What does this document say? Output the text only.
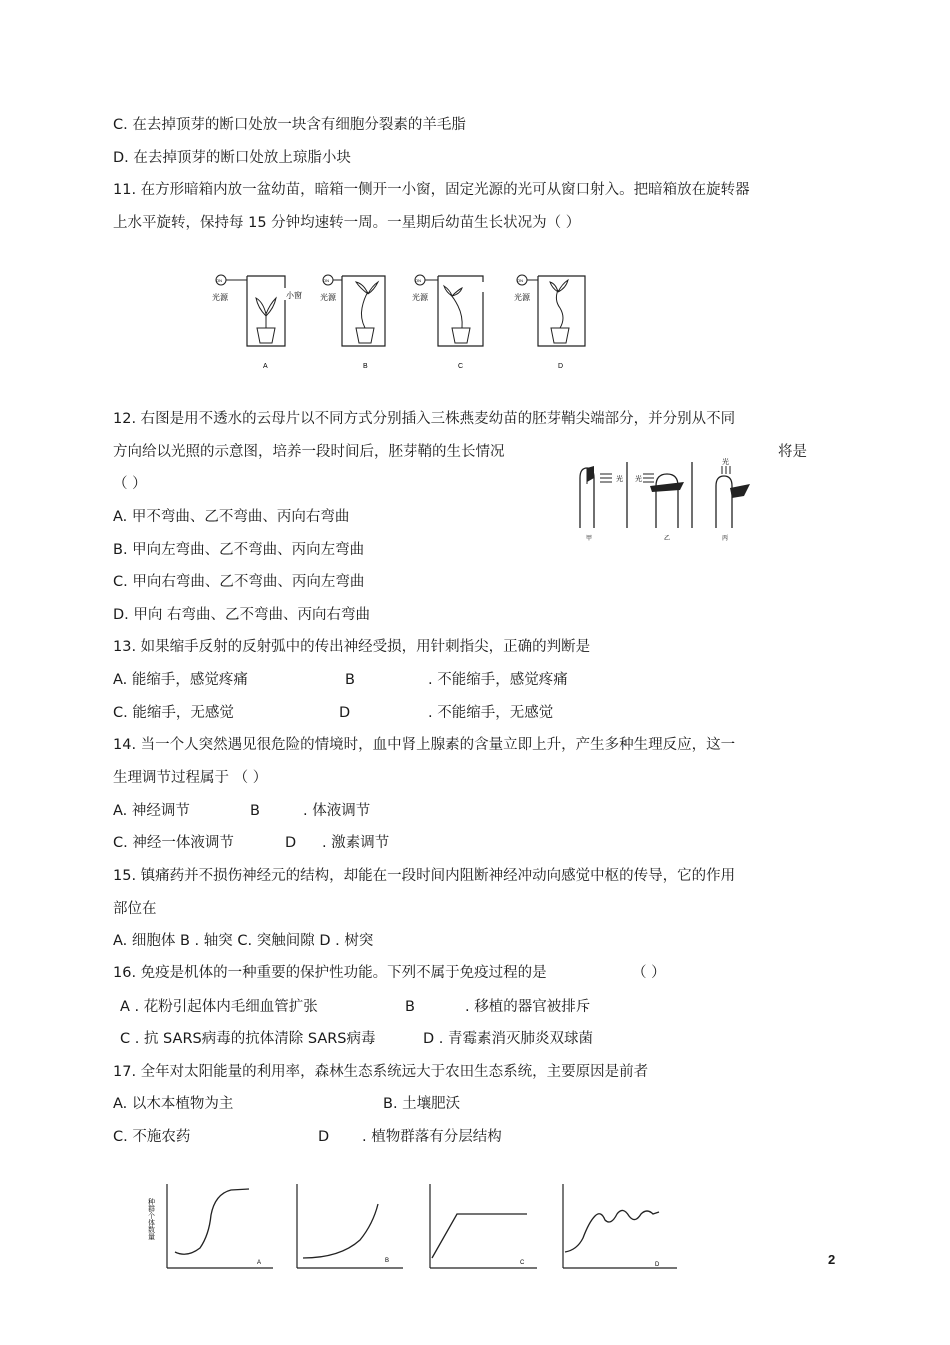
C. 在去掉顶芽的断口处放一块含有细胞分裂素的羊毛脂
D. 在去掉顶芽的断口处放上琼脂小块
11. 在方形暗箱内放一盆幼苗，暗箱一侧开一小窗，固定光源的光可从窗口射入。把暗箱放在旋转器
上水平旋转，保持每 15 分钟均速转一周。一星期后幼苗生长状况为（ ）
ON
光源	小窗
A
ON
光源
B
ON
光源
C
ON
光源
D
12. 右图是用不透水的云母片以不同方式分别插入三株燕麦幼苗的胚芽鞘尖端部分，并分别从不同
方向给以光照的示意图，培养一段时间后，胚芽鞘的生长情况	将是
（ ）	光
甲
光
乙
光
丙
A. 甲不弯曲、乙不弯曲、丙向右弯曲
B. 甲向左弯曲、乙不弯曲、丙向左弯曲
C. 甲向右弯曲、乙不弯曲、丙向左弯曲
D. 甲向 右弯曲、乙不弯曲、丙向右弯曲
13. 如果缩手反射的反射弧中的传出神经受损，用针刺指尖，正确的判断是
A. 能缩手，感觉疼痛	B	. 不能缩手，感觉疼痛
C. 能缩手，无感觉	D	. 不能缩手，无感觉
14. 当一个人突然遇见很危险的情境时，血中肾上腺素的含量立即上升，产生多种生理反应，这一
生理调节过程属于 （ ）
A. 神经调节	B	. 体液调节
C. 神经一体液调节	D . 激素调节
15. 镇痛药并不损伤神经元的结构，却能在一段时间内阻断神经冲动向感觉中枢的传导，它的作用
部位在
A. 细胞体 B . 轴突 C. 突触间隙 D . 树突
16. 免疫是机体的一种重要的保护性功能。下列不属于免疫过程的是	（ ）
A . 花粉引起体内毛细血管扩张	B	. 移植的器官被排斥
C . 抗 SARS病毒的抗体清除 SARS病毒	D . 青霉素消灭肺炎双球菌
17. 全年对太阳能量的利用率，森林生态系统远大于农田生态系统，主要原因是前者
A. 以木本植物为主	B. 土壤肥沃
C. 不施农药	D . 植物群落有分层结构
种群个体数量
A	B	C	D	2
